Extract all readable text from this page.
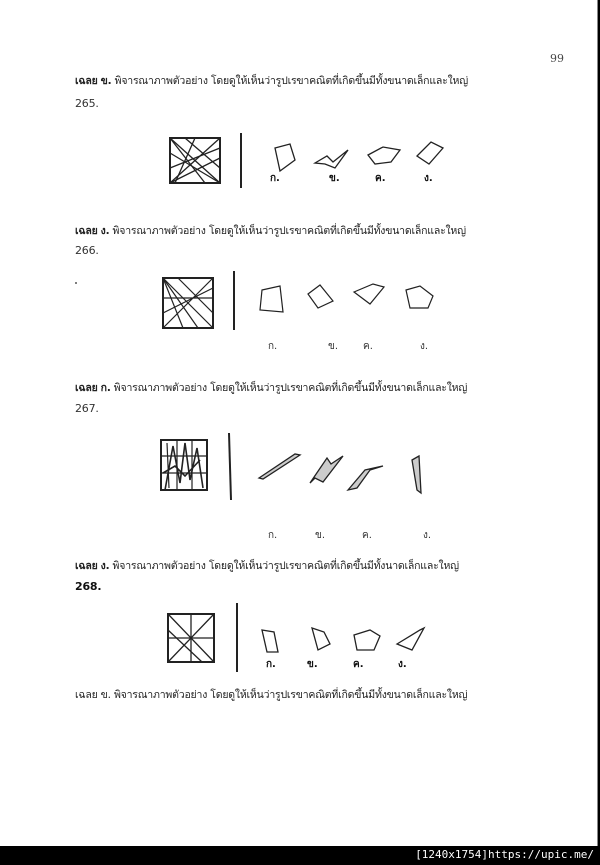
99
เฉลย ข. พิจารณาภาพตัวอย่าง โดยดูให้เห็นว่ารูปเรขาคณิตที่เกิดขึ้นมีทั้งขนาดเล็กและใหญ่
265.
ก.	ข.	ค.	ง.
เฉลย ง. พิจารณาภาพตัวอย่าง โดยดูให้เห็นว่ารูปเรขาคณิตที่เกิดขึ้นมีทั้งขนาดเล็กและใหญ่
266.
ก.	ข. ค.	ง.
เฉลย ก. พิจารณาภาพตัวอย่าง โดยดูให้เห็นว่ารูปเรขาคณิตที่เกิดขึ้นมีทั้งขนาดเล็กและใหญ่
267.
ก.	ข.	ค.	ง.
เฉลย ง. พิจารณาภาพตัวอย่าง โดยดูให้เห็นว่ารูปเรขาคณิตที่เกิดขึ้นมีทั้งนาดเล็กและใหญ่
268.
ก.	ข.	ค.	ง.
เฉลย ข. พิจารณาภาพตัวอย่าง โดยดูให้เห็นว่ารูปเรขาคณิตที่เกิดขึ้นมีทั้งขนาดเล็กและใหญ่
[1240x1754]https://upic.me/
